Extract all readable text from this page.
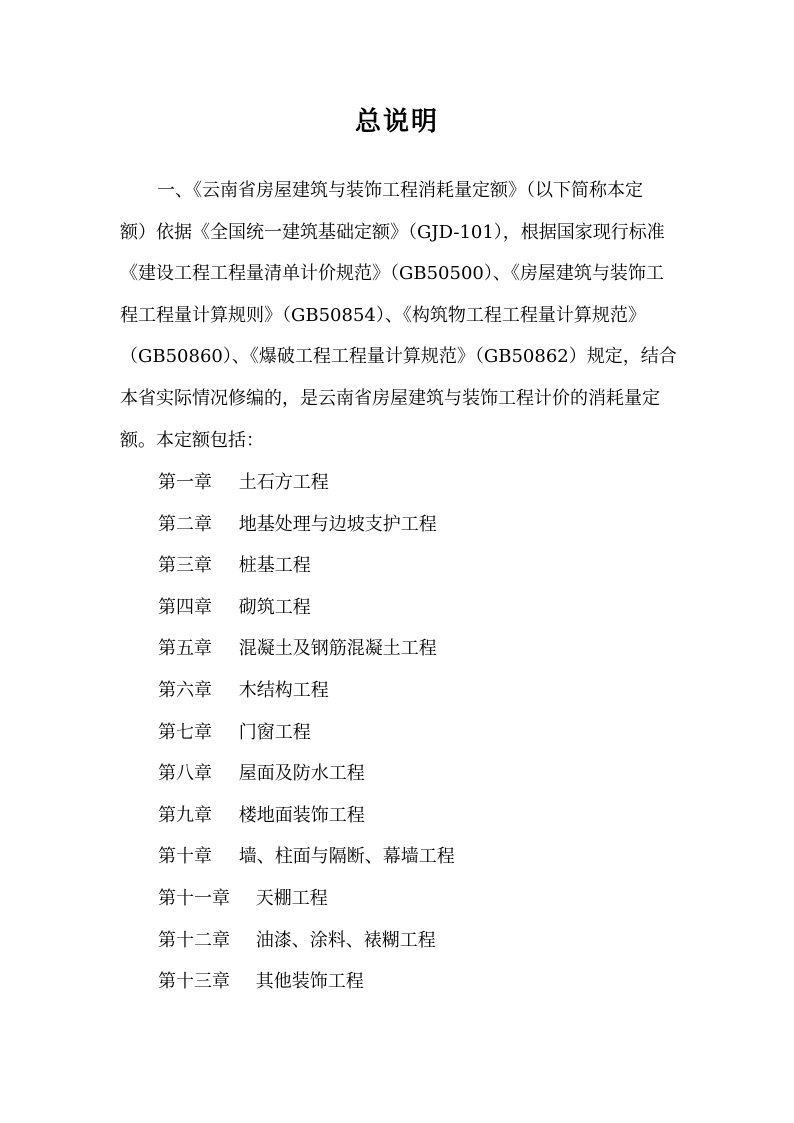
总说明
一、《云南省房屋建筑与装饰工程消耗量定额》（以下简称本定
额）依据《全国统一建筑基础定额》（GJD-101），根据国家现行标准
《建设工程工程量清单计价规范》（GB50500）、《房屋建筑与装饰工
程工程量计算规则》（GB50854）、《构筑物工程工程量计算规范》
（GB50860）、《爆破工程工程量计算规范》（GB50862）规定，结合
本省实际情况修编的，是云南省房屋建筑与装饰工程计价的消耗量定
额。本定额包括：
第一章 土石方工程
第二章 地基处理与边坡支护工程
第三章 桩基工程
第四章 砌筑工程
第五章 混凝土及钢筋混凝土工程
第六章 木结构工程
第七章 门窗工程
第八章 屋面及防水工程
第九章 楼地面装饰工程
第十章 墙、柱面与隔断、幕墙工程
第十一章 天棚工程
第十二章 油漆、涂料、裱糊工程
第十三章 其他装饰工程
